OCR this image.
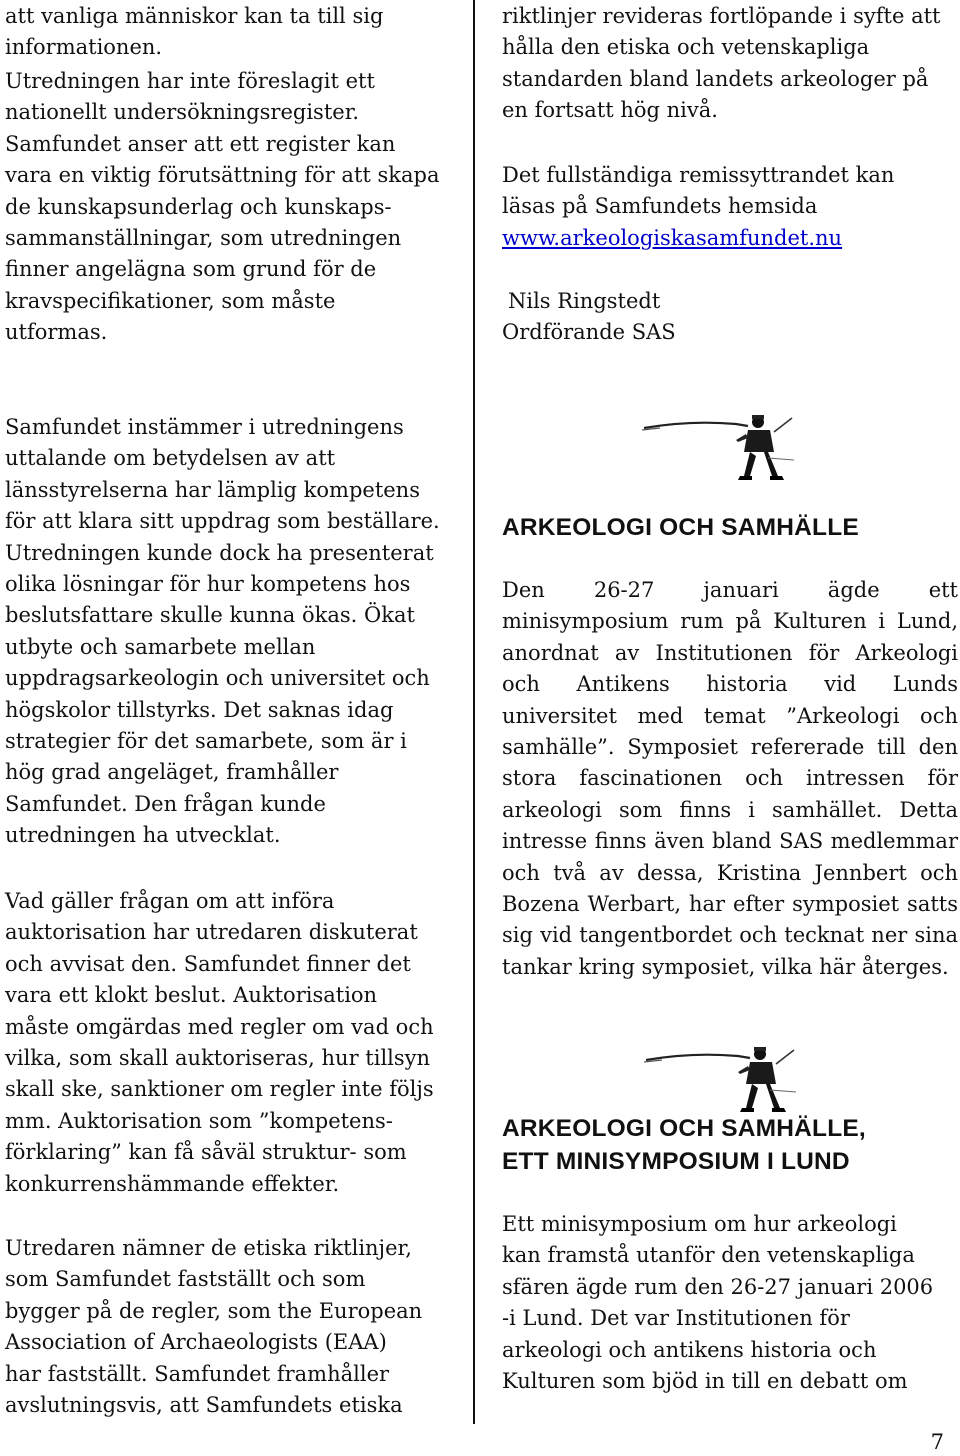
att vanliga människor kan ta till sig informationen.

Utredningen har inte föreslagit ett nationellt undersökningsregister. Samfundet anser att ett register kan vara en viktig förutsättning för att skapa de kunskapsunderlag och kunskaps-sammanställningar, som utredningen finner angelägna som grund för de kravspecifikationer, som måste utformas.

Samfundet instämmer i utredningens uttalande om betydelsen av att länsstyrelserna har lämplig kompetens för att klara sitt uppdrag som beställare. Utredningen kunde dock ha presenterat olika lösningar för hur kompetens hos beslutsfattare skulle kunna ökas. Ökat utbyte och samarbete mellan uppdragsarkeologin och universitet och högskolor tillstyrks. Det saknas idag strategier för det samarbete, som är i hög grad angeläget, framhåller Samfundet. Den frågan kunde utredningen ha utvecklat.

Vad gäller frågan om att införa auktorisation har utredaren diskuterat och avvisat den. Samfundet finner det vara ett klokt beslut. Auktorisation måste omgärdas med regler om vad och vilka, som skall auktoriseras, hur tillsyn skall ske, sanktioner om regler inte följs mm. Auktorisation som ”kompetens-förklaring” kan få såväl struktur- som konkurrenshämmande effekter.

Utredaren nämner de etiska riktlinjer, som Samfundet fastställt och som bygger på de regler, som the European Association of Archaeologists (EAA) har fastställt. Samfundet framhåller avslutningsvis, att Samfundets etiska

riktlinjer revideras fortlöpande i syfte att hålla den etiska och vetenskapliga standarden bland landets arkeologer på en fortsatt hög nivå.

Det fullständiga remissyttrandet kan läsas på Samfundets hemsida www.arkeologiskasamfundet.nu

Nils Ringstedt

Ordförande SAS

ARKEOLOGI OCH SAMHÄLLE

Den 26-27 januari ägde ett minisymposium rum på Kulturen i Lund, anordnat av Institutionen för Arkeologi och Antikens historia vid Lunds universitet med temat ”Arkeologi och samhälle”. Symposiet refererade till den stora fascinationen och intressen för arkeologi som finns i samhället. Detta intresse finns även bland SAS medlemmar och två av dessa, Kristina Jennbert och Bozena Werbart, har efter symposiet satts sig vid tangentbordet och tecknat ner sina tankar kring symposiet, vilka här återges.

ARKEOLOGI OCH SAMHÄLLE,
ETT MINISYMPOSIUM I LUND

Ett minisymposium om hur arkeologi kan framstå utanför den vetenskapliga sfären ägde rum den 26-27 januari 2006 -i Lund. Det var Institutionen för arkeologi och antikens historia och Kulturen som bjöd in till en debatt om

7
